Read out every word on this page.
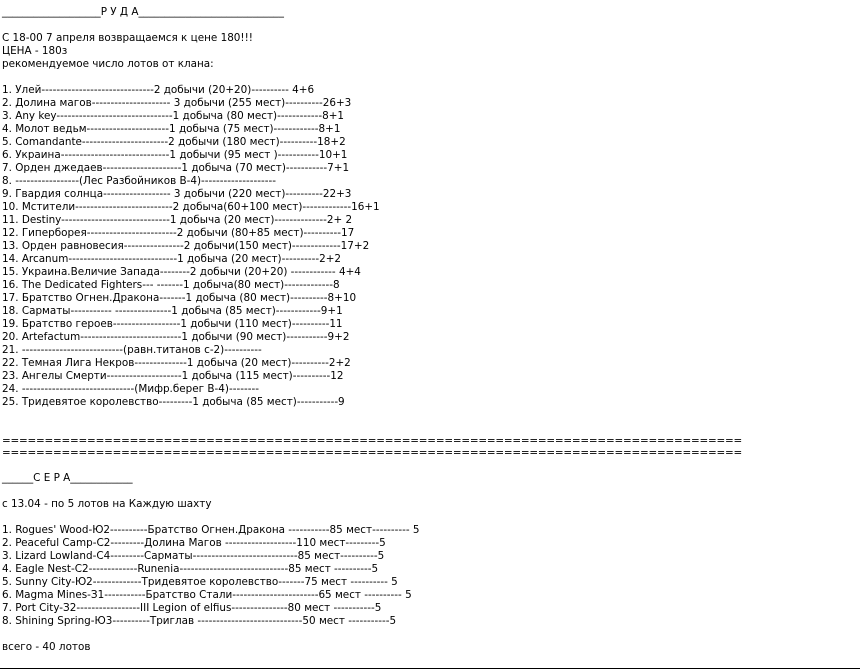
___________________Р У Д А____________________________
С 18-00 7 апреля возвращаемся к цене 180!!!
ЦЕНА - 180з
рекомендуемое число лотов от клана:
1. Улей------------------------------2 добычи (20+20)---------- 4+6
2. Долина магов--------------------- 3 добычи (255 мест)----------26+3
3. Any key-------------------------------1 добыча (80 мест)------------8+1
4. Молот ведьм----------------------1 добыча (75 мест)------------8+1
5. Comandante-----------------------2 добычи (180 мест)----------18+2
6. Украина-----------------------------1 добычи (95 мест )-----------10+1
7. Орден джедаев---------------------1 добыча (70 мест)-----------7+1
8. -----------------(Лес Разбойников В-4)--------------------
9. Гвардия солнца------------------ 3 добычи (220 мест)----------22+3
10. Мстители--------------------------2 добыча(60+100 мест)-------------16+1
11. Destiny-----------------------------1 добыча (20 мест)--------------2+ 2
12. Гиперборея------------------------2 добычи (80+85 мест)----------17
13. Орден равновесия----------------2 добычи(150 мест)-------------17+2
14. Arcanum-----------------------------1 добыча (20 мест)----------2+2
15. Украина.Величие Запада--------2 добычи (20+20) ------------ 4+4
16. The Dedicated Fighters--- -------1 добыча(80 мест)-------------8
17. Братство Огнен.Дракона-------1 добыча (80 мест)----------8+10
18. Сарматы----------- ---------------1 добыча (85 мест)------------9+1
19. Братство героев------------------1 добычи (110 мест)----------11
20. Artefactum---------------------------1 добычи (90 мест)-----------9+2
21. ---------------------------(равн.титанов с-2)----------
22. Темная Лига Некров--------------1 добыча (20 мест)----------2+2
23. Ангелы Смерти--------------------1 добыча (115 мест)----------12
24. ------------------------------(Мифр.берег В-4)--------
25. Тридевятое королевство---------1 добыча (85 мест)-----------9
=======================================================================================
=======================================================================================
______С Е Р А____________
с 13.04 - по 5 лотов на Каждую шахту
1. Rogues' Wood-Ю2----------Братство Огнен.Дракона -----------85 мест---------- 5
2. Peaceful Camp-С2---------Долина Магов -------------------110 мест---------5
3. Lizard Lowland-С4---------Сарматы----------------------------85 мест----------5
4. Eagle Nest-С2-------------Runenia-----------------------------85 мест ----------5
5. Sunny City-Ю2-------------Тридевятое королевство-------75 мест ---------- 5
6. Magma Mines-З1-----------Братство Стали-----------------------65 мест ---------- 5
7. Port City-З2-----------------III Legion of elfius---------------80 мест -----------5
8. Shining Spring-Ю3----------Триглав ----------------------------50 мест -----------5
всего - 40 лотов
